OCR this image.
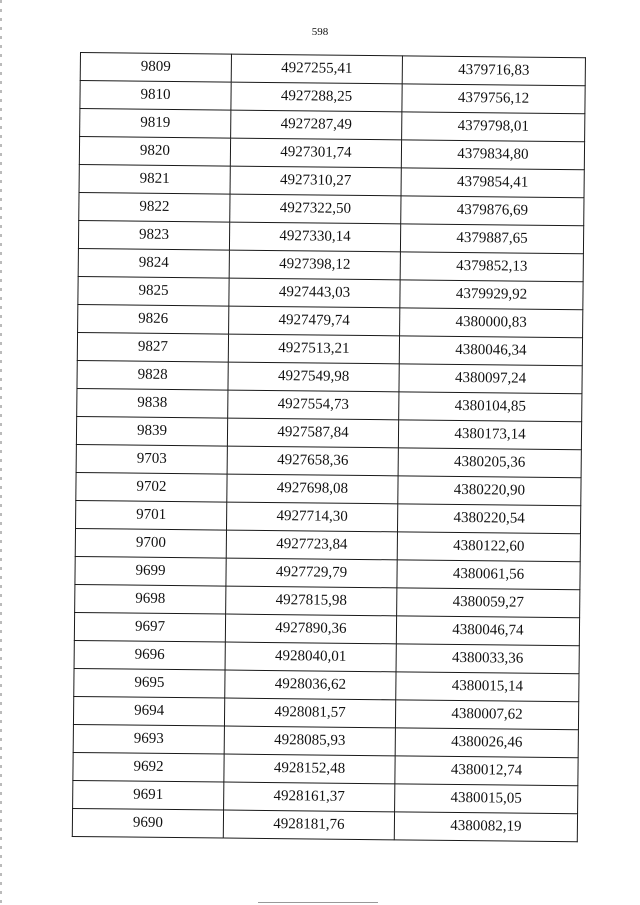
598
9809	4927255,41	4379716,83
9810	4927288,25	4379756,12
9819	4927287,49	4379798,01
9820	4927301,74	4379834,80
9821	4927310,27	4379854,41
9822	4927322,50	4379876,69
9823	4927330,14	4379887,65
9824	4927398,12	4379852,13
9825	4927443,03	4379929,92
9826	4927479,74	4380000,83
9827	4927513,21	4380046,34
9828	4927549,98	4380097,24
9838	4927554,73	4380104,85
9839	4927587,84	4380173,14
9703	4927658,36	4380205,36
9702	4927698,08	4380220,90
9701	4927714,30	4380220,54
9700	4927723,84	4380122,60
9699	4927729,79	4380061,56
9698	4927815,98	4380059,27
9697	4927890,36	4380046,74
9696	4928040,01	4380033,36
9695	4928036,62	4380015,14
9694	4928081,57	4380007,62
9693	4928085,93	4380026,46
9692	4928152,48	4380012,74
9691	4928161,37	4380015,05
9690	4928181,76	4380082,19
